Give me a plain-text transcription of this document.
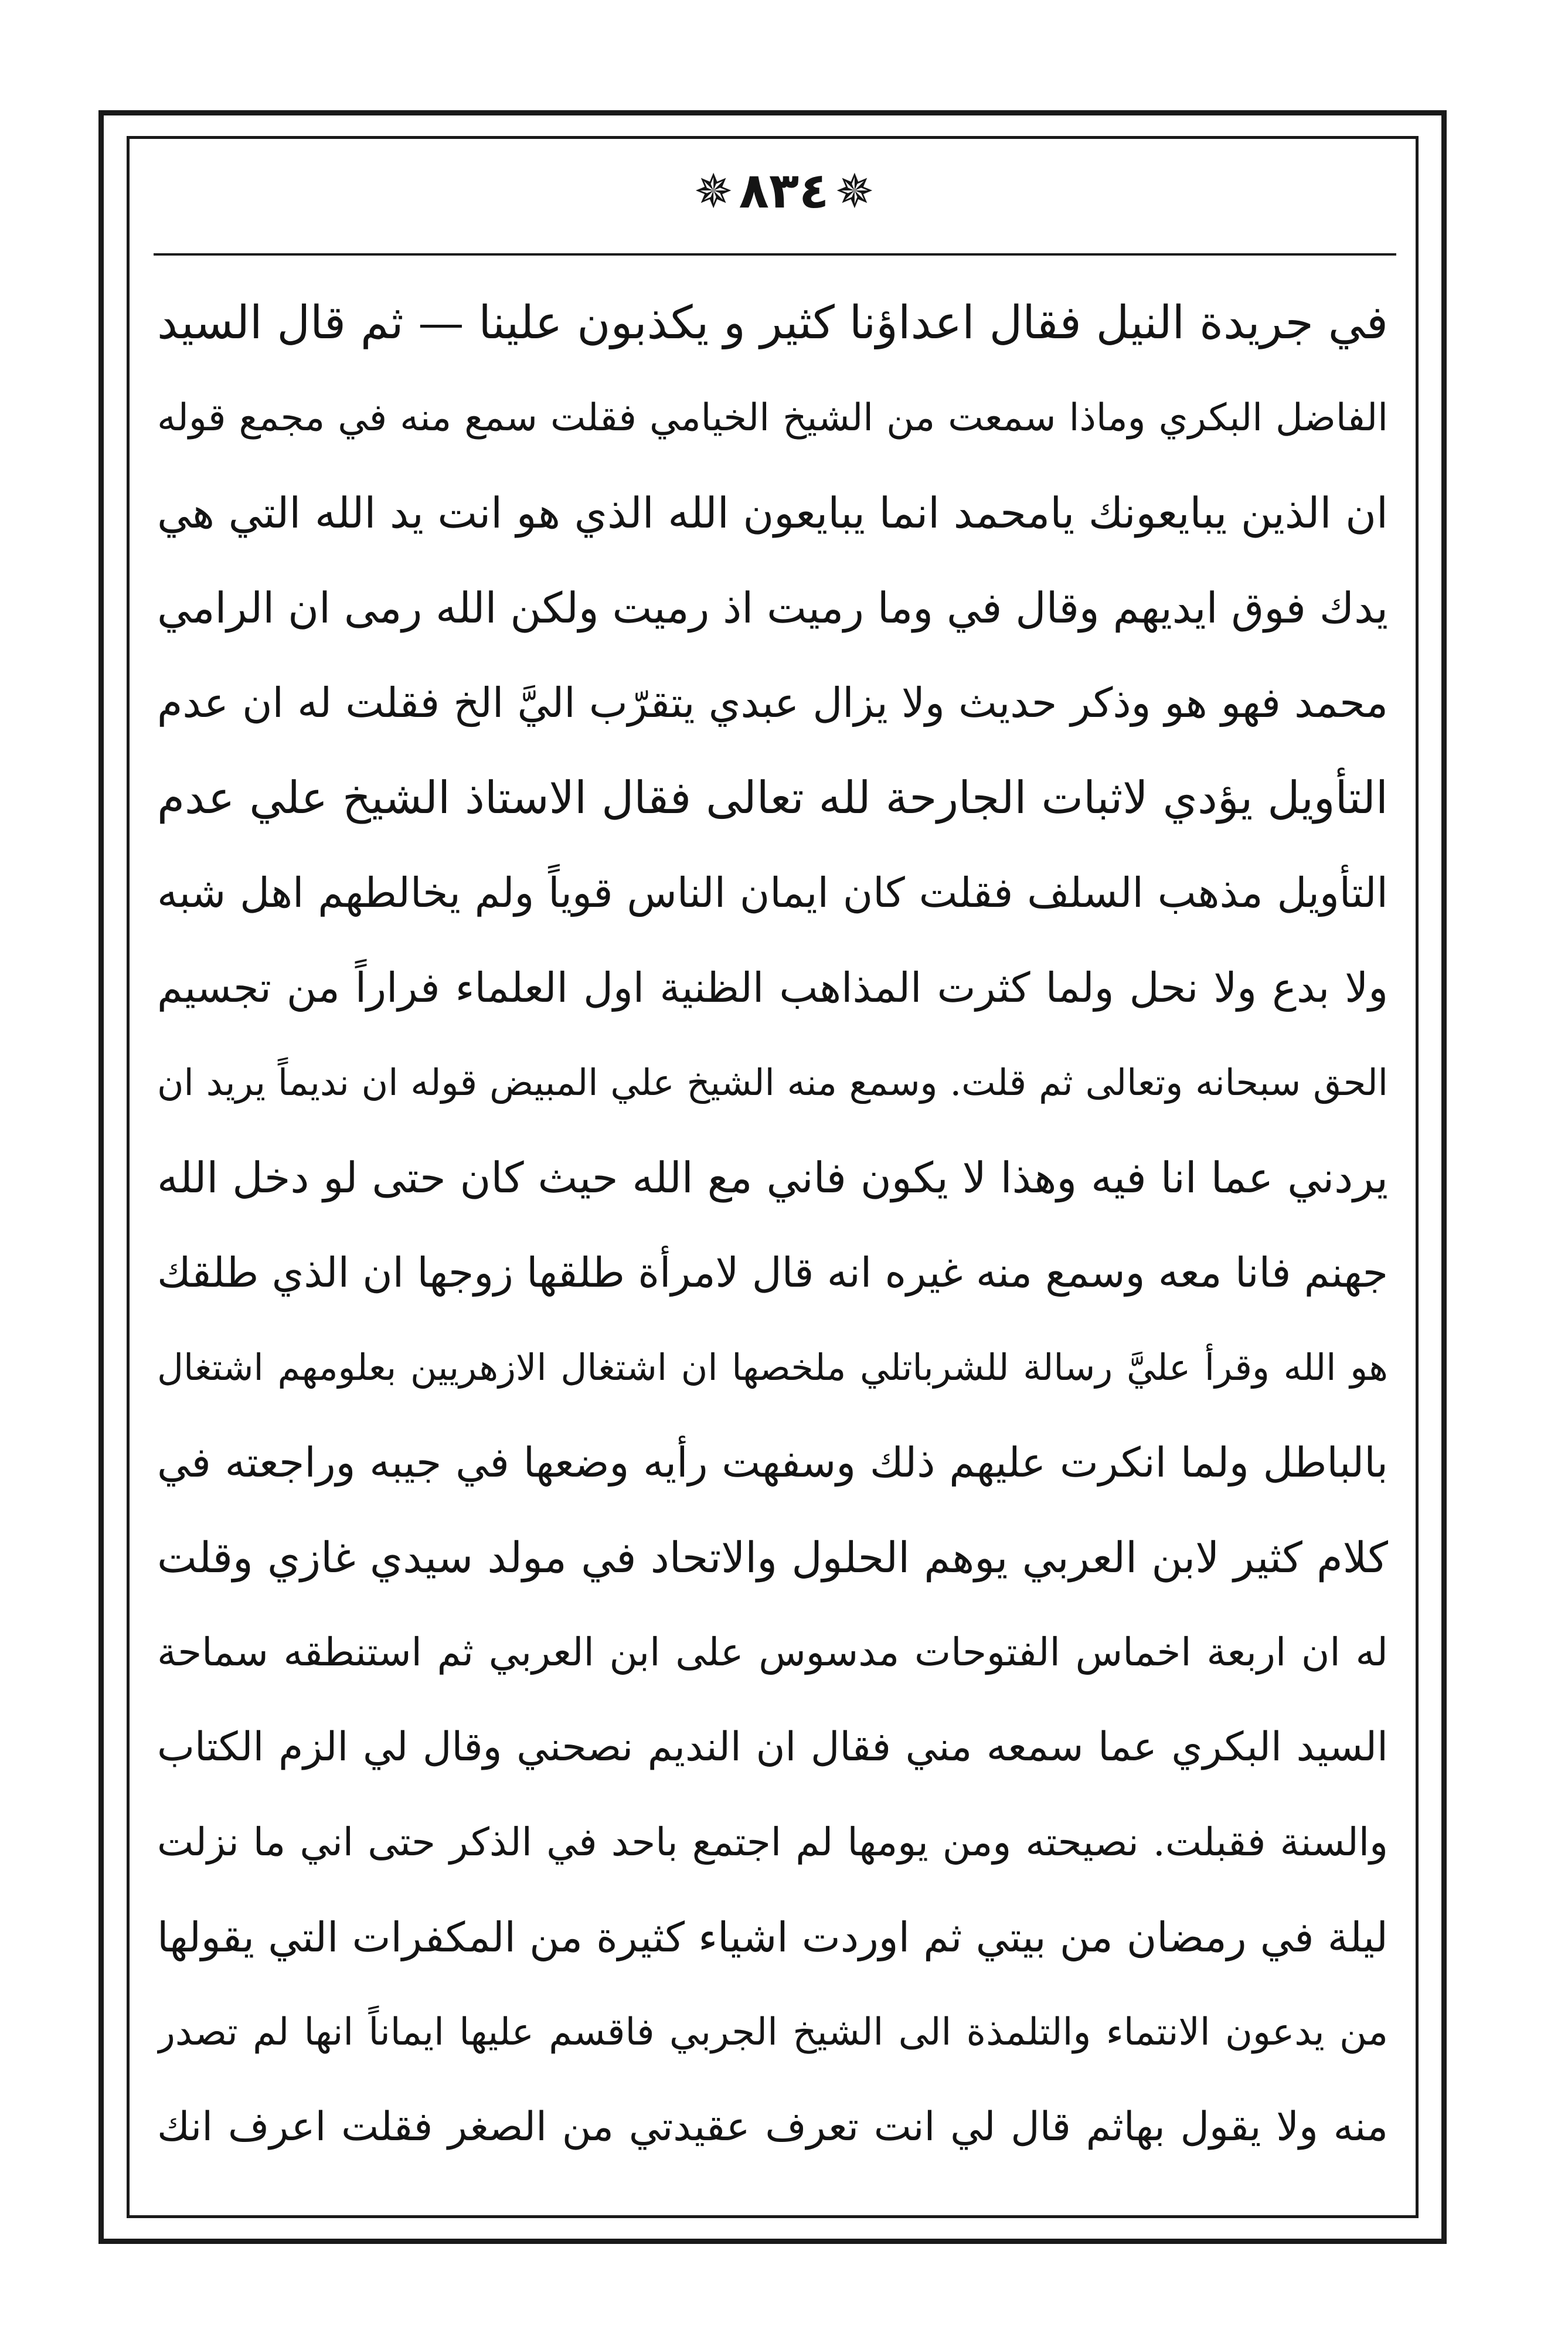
✵٨٣٤✵
في جريدة النيل فقال اعداؤنا كثير و يكذبون علينا — ثم قال السيد
الفاضل البكري وماذا سمعت من الشيخ الخيامي فقلت سمع منه في مجمع قوله
ان الذين يبايعونك يامحمد انما يبايعون الله الذي هو انت يد الله التي هي
يدك فوق ايديهم وقال في وما رميت اذ رميت ولكن الله رمى ان الرامي
محمد فهو هو وذكر حديث ولا يزال عبدي يتقرّب اليَّ الخ فقلت له ان عدم
التأويل يؤدي لاثبات الجارحة لله تعالى فقال الاستاذ الشيخ علي عدم
التأويل مذهب السلف فقلت كان ايمان الناس قوياً ولم يخالطهم اهل شبه
ولا بدع ولا نحل ولما كثرت المذاهب الظنية اول العلماء فراراً من تجسيم
الحق سبحانه وتعالى ثم قلت. وسمع منه الشيخ علي المبيض قوله ان نديماً يريد ان
يردني عما انا فيه وهذا لا يكون فاني مع الله حيث كان حتى لو دخل الله
جهنم فانا معه وسمع منه غيره انه قال لامرأة طلقها زوجها ان الذي طلقك
هو الله وقرأ عليَّ رسالة للشرباتلي ملخصها ان اشتغال الازهريين بعلومهم اشتغال
بالباطل ولما انكرت عليهم ذلك وسفهت رأيه وضعها في جيبه وراجعته في
كلام كثير لابن العربي يوهم الحلول والاتحاد في مولد سيدي غازي وقلت
له ان اربعة اخماس الفتوحات مدسوس على ابن العربي ثم استنطقه سماحة
السيد البكري عما سمعه مني فقال ان النديم نصحني وقال لي الزم الكتاب
والسنة فقبلت. نصيحته ومن يومها لم اجتمع باحد في الذكر حتى اني ما نزلت
ليلة في رمضان من بيتي ثم اوردت اشياء كثيرة من المكفرات التي يقولها
من يدعون الانتماء والتلمذة الى الشيخ الجربي فاقسم عليها ايماناً انها لم تصدر
منه ولا يقول بهاثم قال لي انت تعرف عقيدتي من الصغر فقلت اعرف انك
